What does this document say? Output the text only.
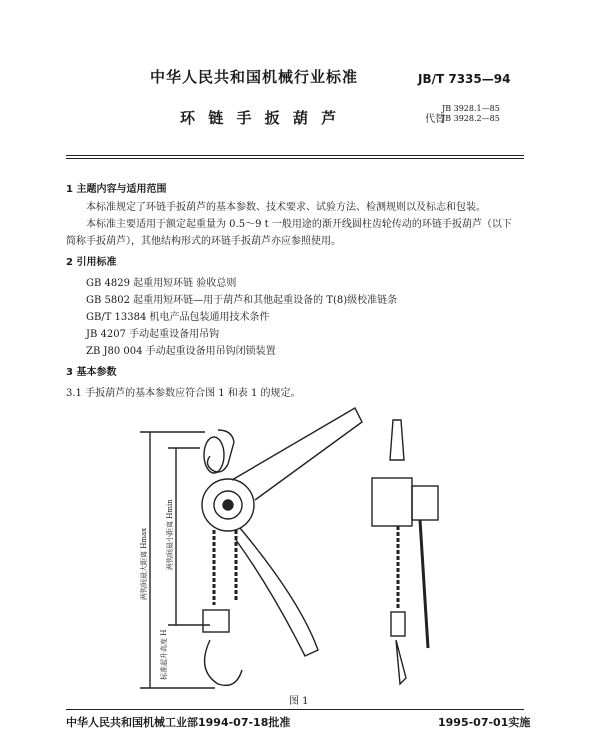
中华人民共和国机械行业标准	JB/T 7335—94
环 链 手 扳 葫 芦	代替
JB 3928.1—85
JB 3928.2—85
1 主题内容与适用范围
本标准规定了环链手扳葫芦的基本参数、技术要求、试验方法、检测规则以及标志和包装。
本标准主要适用于额定起重量为 0.5～9 t 一般用途的渐开线圆柱齿轮传动的环链手扳葫芦（以下
简称手扳葫芦），其他结构形式的环链手扳葫芦亦应参照使用。
2 引用标准
GB 4829 起重用短环链 验收总则
GB 5802 起重用短环链—用于葫芦和其他起重设备的 T(8)级校准链条
GB/T 13384 机电产品包装通用技术条件
JB 4207 手动起重设备用吊钩
ZB J80 004 手动起重设备用吊钩闭锁装置
3 基本参数
3.1 手扳葫芦的基本参数应符合图 1 和表 1 的规定。
两钩间最大距离 Hmax	两钩间最小距离 Hmin
标准起升高度 H
图 1
中华人民共和国机械工业部1994-07-18批准	1995-07-01实施
